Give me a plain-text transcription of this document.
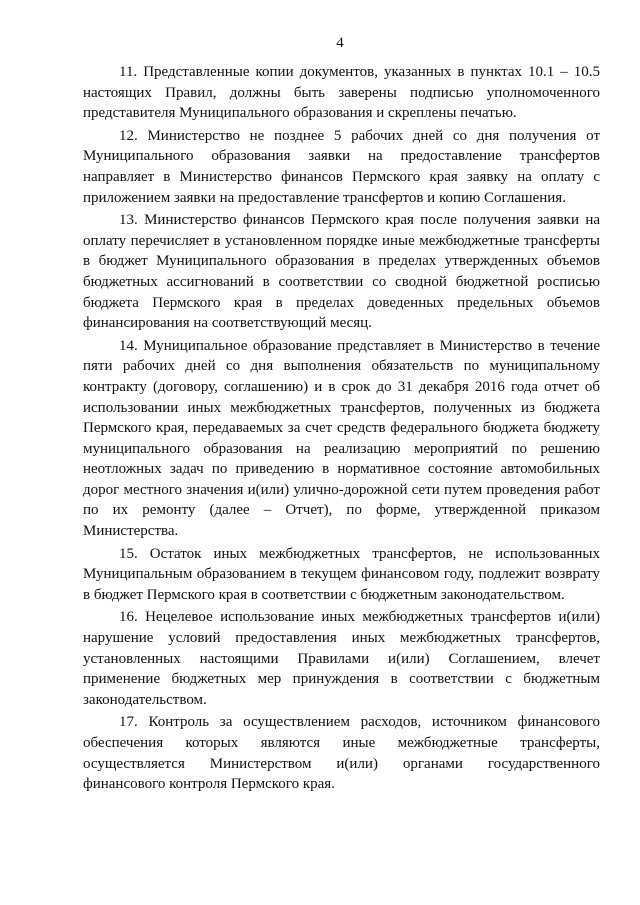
4

11. Представленные копии документов, указанных в пунктах 10.1 – 10.5 настоящих Правил, должны быть заверены подписью уполномоченного представителя Муниципального образования и скреплены печатью.

12. Министерство не позднее 5 рабочих дней со дня получения от Муниципального образования заявки на предоставление трансфертов направляет в Министерство финансов Пермского края заявку на оплату с приложением заявки на предоставление трансфертов и копию Соглашения.

13. Министерство финансов Пермского края после получения заявки на оплату перечисляет в установленном порядке иные межбюджетные трансферты в бюджет Муниципального образования в пределах утвержденных объемов бюджетных ассигнований в соответствии со сводной бюджетной росписью бюджета Пермского края в пределах доведенных предельных объемов финансирования на соответствующий месяц.

14. Муниципальное образование представляет в Министерство в течение пяти рабочих дней со дня выполнения обязательств по муниципальному контракту (договору, соглашению) и в срок до 31 декабря 2016 года отчет об использовании иных межбюджетных трансфертов, полученных из бюджета Пермского края, передаваемых за счет средств федерального бюджета бюджету муниципального образования на реализацию мероприятий по решению неотложных задач по приведению в нормативное состояние автомобильных дорог местного значения и(или) улично-дорожной сети путем проведения работ по их ремонту (далее – Отчет), по форме, утвержденной приказом Министерства.

15. Остаток иных межбюджетных трансфертов, не использованных Муниципальным образованием в текущем финансовом году, подлежит возврату в бюджет Пермского края в соответствии с бюджетным законодательством.

16. Нецелевое использование иных межбюджетных трансфертов и(или) нарушение условий предоставления иных межбюджетных трансфертов, установленных настоящими Правилами и(или) Соглашением, влечет применение бюджетных мер принуждения в соответствии с бюджетным законодательством.

17. Контроль за осуществлением расходов, источником финансового обеспечения которых являются иные межбюджетные трансферты, осуществляется Министерством и(или) органами государственного финансового контроля Пермского края.
